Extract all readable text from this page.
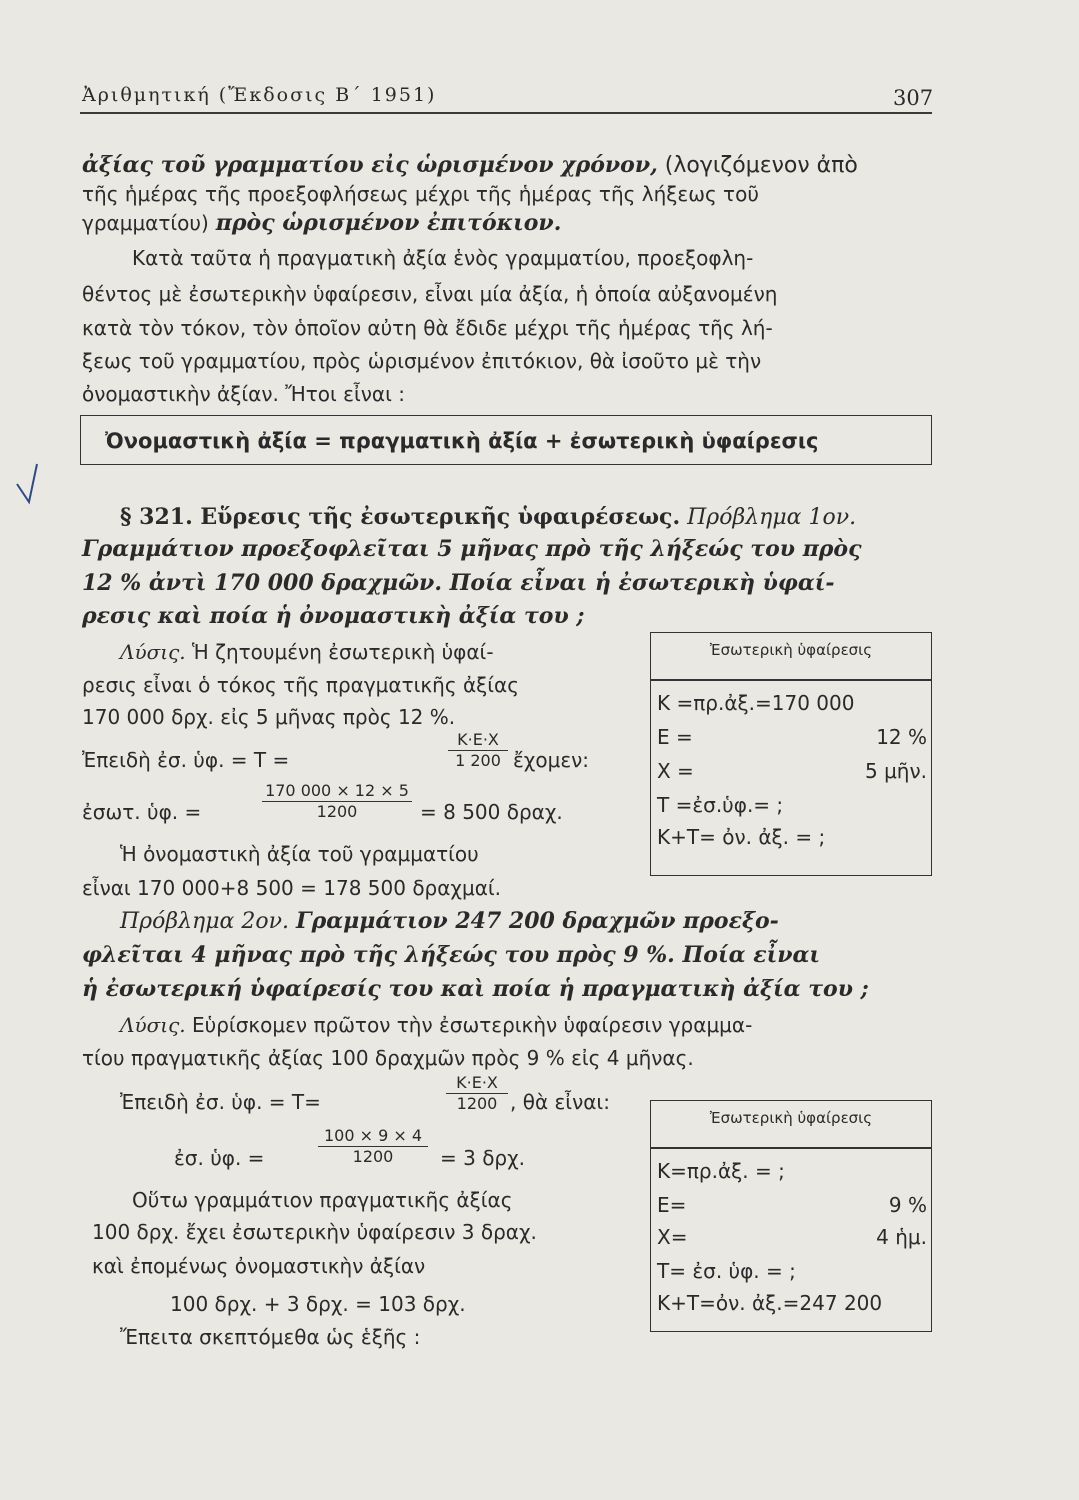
Ἀριθμητική (Ἔκδοσις Β΄ 1951)	307
ἀξίας τοῦ γραμματίου εἰς ὡρισμένον χρόνον, (λογιζόμενον ἀπὸ
τῆς ἡμέρας τῆς προεξοφλήσεως μέχρι τῆς ἡμέρας τῆς λήξεως τοῦ
γραμματίου) πρὸς ὡρισμένον ἐπιτόκιον.
Κατὰ ταῦτα ἡ πραγματικὴ ἀξία ἑνὸς γραμματίου, προεξοφλη-
θέντος μὲ ἐσωτερικὴν ὑφαίρεσιν, εἶναι μία ἀξία, ἡ ὁποία αὐξανομένη
κατὰ τὸν τόκον, τὸν ὁποῖον αὐτη θὰ ἔδιδε μέχρι τῆς ἡμέρας τῆς λή-
ξεως τοῦ γραμματίου, πρὸς ὡρισμένον ἐπιτόκιον, θὰ ἰσοῦτο μὲ τὴν
ὀνομαστικὴν ἀξίαν. Ἤτοι εἶναι :
Ὀνομαστικὴ ἀξία = πραγματικὴ ἀξία + ἐσωτερικὴ ὑφαίρεσις
§ 321. Εὕρεσις τῆς ἐσωτερικῆς ὑφαιρέσεως. Πρόβλημα 1ον.
Γραμμάτιον προεξοφλεῖται 5 μῆνας πρὸ τῆς λήξεώς του πρὸς
12 % ἀντὶ 170 000 δραχμῶν. Ποία εἶναι ἡ ἐσωτερικὴ ὑφαί-
ρεσις καὶ ποία ἡ ὀνομαστικὴ ἀξία του ;
Λύσις. Ἡ ζητουμένη ἐσωτερικὴ ὑφαί-
ρεσις εἶναι ὁ τόκος τῆς πραγματικῆς ἀξίας
170 000 δρχ. εἰς 5 μῆνας πρὸς 12 %.
Ἐπειδὴ ἐσ. ὑφ. = Τ =	$\frac{K\cdot E\cdot X}{1 200}$ ἔχομεν:
ἐσωτ. ὑφ. =	$\frac{170 000 \times 12 \times 5}{1200} = 8$ 500 δραχ.
Ἡ ὀνομαστικὴ ἀξία τοῦ γραμματίου
εἶναι 170 000+8 500 = 178 500 δραχμαί.
Ἐσωτερικὴ ὑφαίρεσις
Κ =πρ.ἀξ.=170 000
Ε =	12 %
Χ =	5 μῆν.
Τ =ἐσ.ὑφ.= ;
Κ+Τ= ὀν. ἀξ. = ;
Πρόβλημα 2ον. Γραμμάτιον 247 200 δραχμῶν προεξο-
φλεῖται 4 μῆνας πρὸ τῆς λήξεώς του πρὸς 9 %. Ποία εἶναι
ἡ ἐσωτερική ὑφαίρεσίς του καὶ ποία ἡ πραγματικὴ ἀξία του ;
Λύσις. Εὑρίσκομεν πρῶτον τὴν ἐσωτερικὴν ὑφαίρεσιν γραμμα-
τίου πραγματικῆς ἀξίας 100 δραχμῶν πρὸς 9 % εἰς 4 μῆνας.
Ἐπειδὴ ἐσ. ὑφ. = Τ=	$\frac{K\cdot E\cdot X}{1200}$ , θὰ εἶναι:
ἐσ. ὑφ. =	$\frac{100 \times 9 \times 4}{1200} = 3$ δρχ.
Οὕτω γραμμάτιον πραγματικῆς ἀξίας
100 δρχ. ἔχει ἐσωτερικὴν ὑφαίρεσιν 3 δραχ.
καὶ ἐπομένως ὀνομαστικὴν ἀξίαν
100 δρχ. + 3 δρχ. = 103 δρχ.
Ἔπειτα σκεπτόμεθα ὡς ἑξῆς :
Ἐσωτερικὴ ὑφαίρεσις
Κ=πρ.ἀξ. = ;
Ε=	9 %
Χ=	4 ἡμ.
Τ= ἐσ. ὑφ. = ;
Κ+Τ=ὀν. ἀξ.=247 200
